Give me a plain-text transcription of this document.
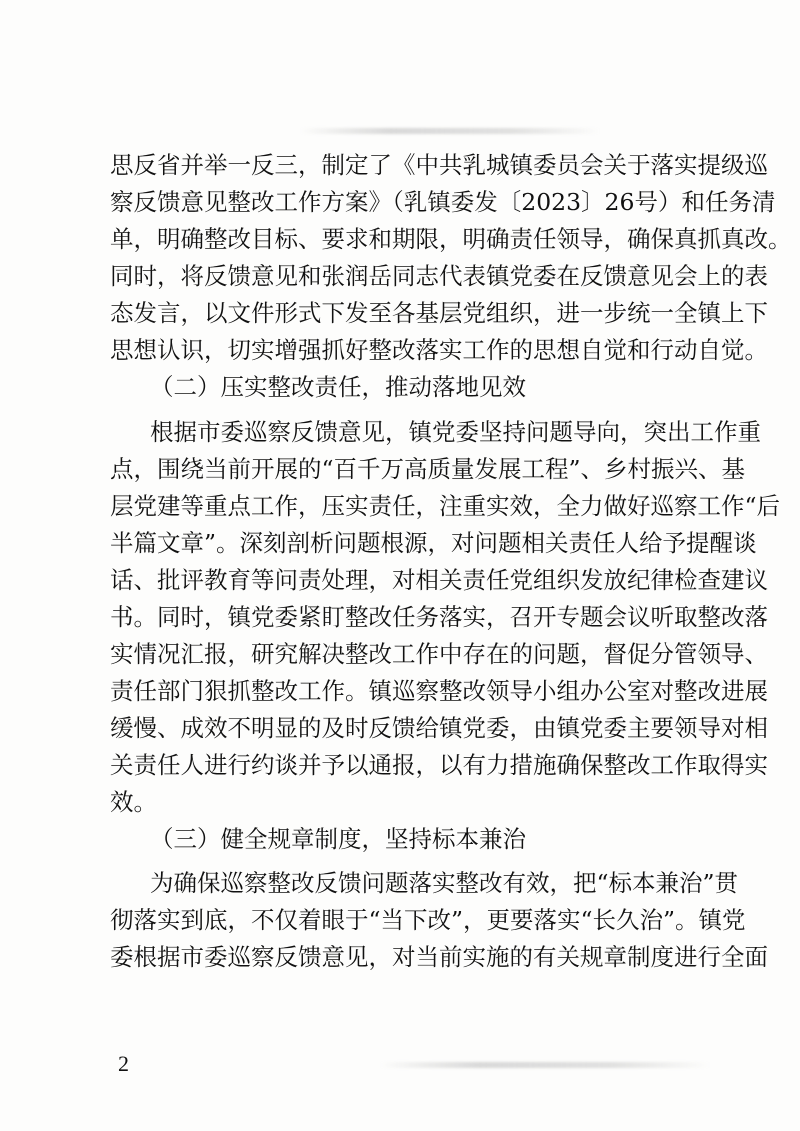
思反省并举一反三，制定了《中共乳城镇委员会关于落实提级巡
察反馈意见整改工作方案》（乳镇委发〔2023〕26号）和任务清
单，明确整改目标、要求和期限，明确责任领导，确保真抓真改。
同时，将反馈意见和张润岳同志代表镇党委在反馈意见会上的表
态发言，以文件形式下发至各基层党组织，进一步统一全镇上下
思想认识，切实增强抓好整改落实工作的思想自觉和行动自觉。
（二）压实整改责任，推动落地见效
根据市委巡察反馈意见，镇党委坚持问题导向，突出工作重
点，围绕当前开展的“百千万高质量发展工程”、乡村振兴、基
层党建等重点工作，压实责任，注重实效，全力做好巡察工作“后
半篇文章”。深刻剖析问题根源，对问题相关责任人给予提醒谈
话、批评教育等问责处理，对相关责任党组织发放纪律检查建议
书。同时，镇党委紧盯整改任务落实，召开专题会议听取整改落
实情况汇报，研究解决整改工作中存在的问题，督促分管领导、
责任部门狠抓整改工作。镇巡察整改领导小组办公室对整改进展
缓慢、成效不明显的及时反馈给镇党委，由镇党委主要领导对相
关责任人进行约谈并予以通报，以有力措施确保整改工作取得实
效。
（三）健全规章制度，坚持标本兼治
为确保巡察整改反馈问题落实整改有效，把“标本兼治”贯
彻落实到底，不仅着眼于“当下改”，更要落实“长久治”。镇党
委根据市委巡察反馈意见，对当前实施的有关规章制度进行全面
2
